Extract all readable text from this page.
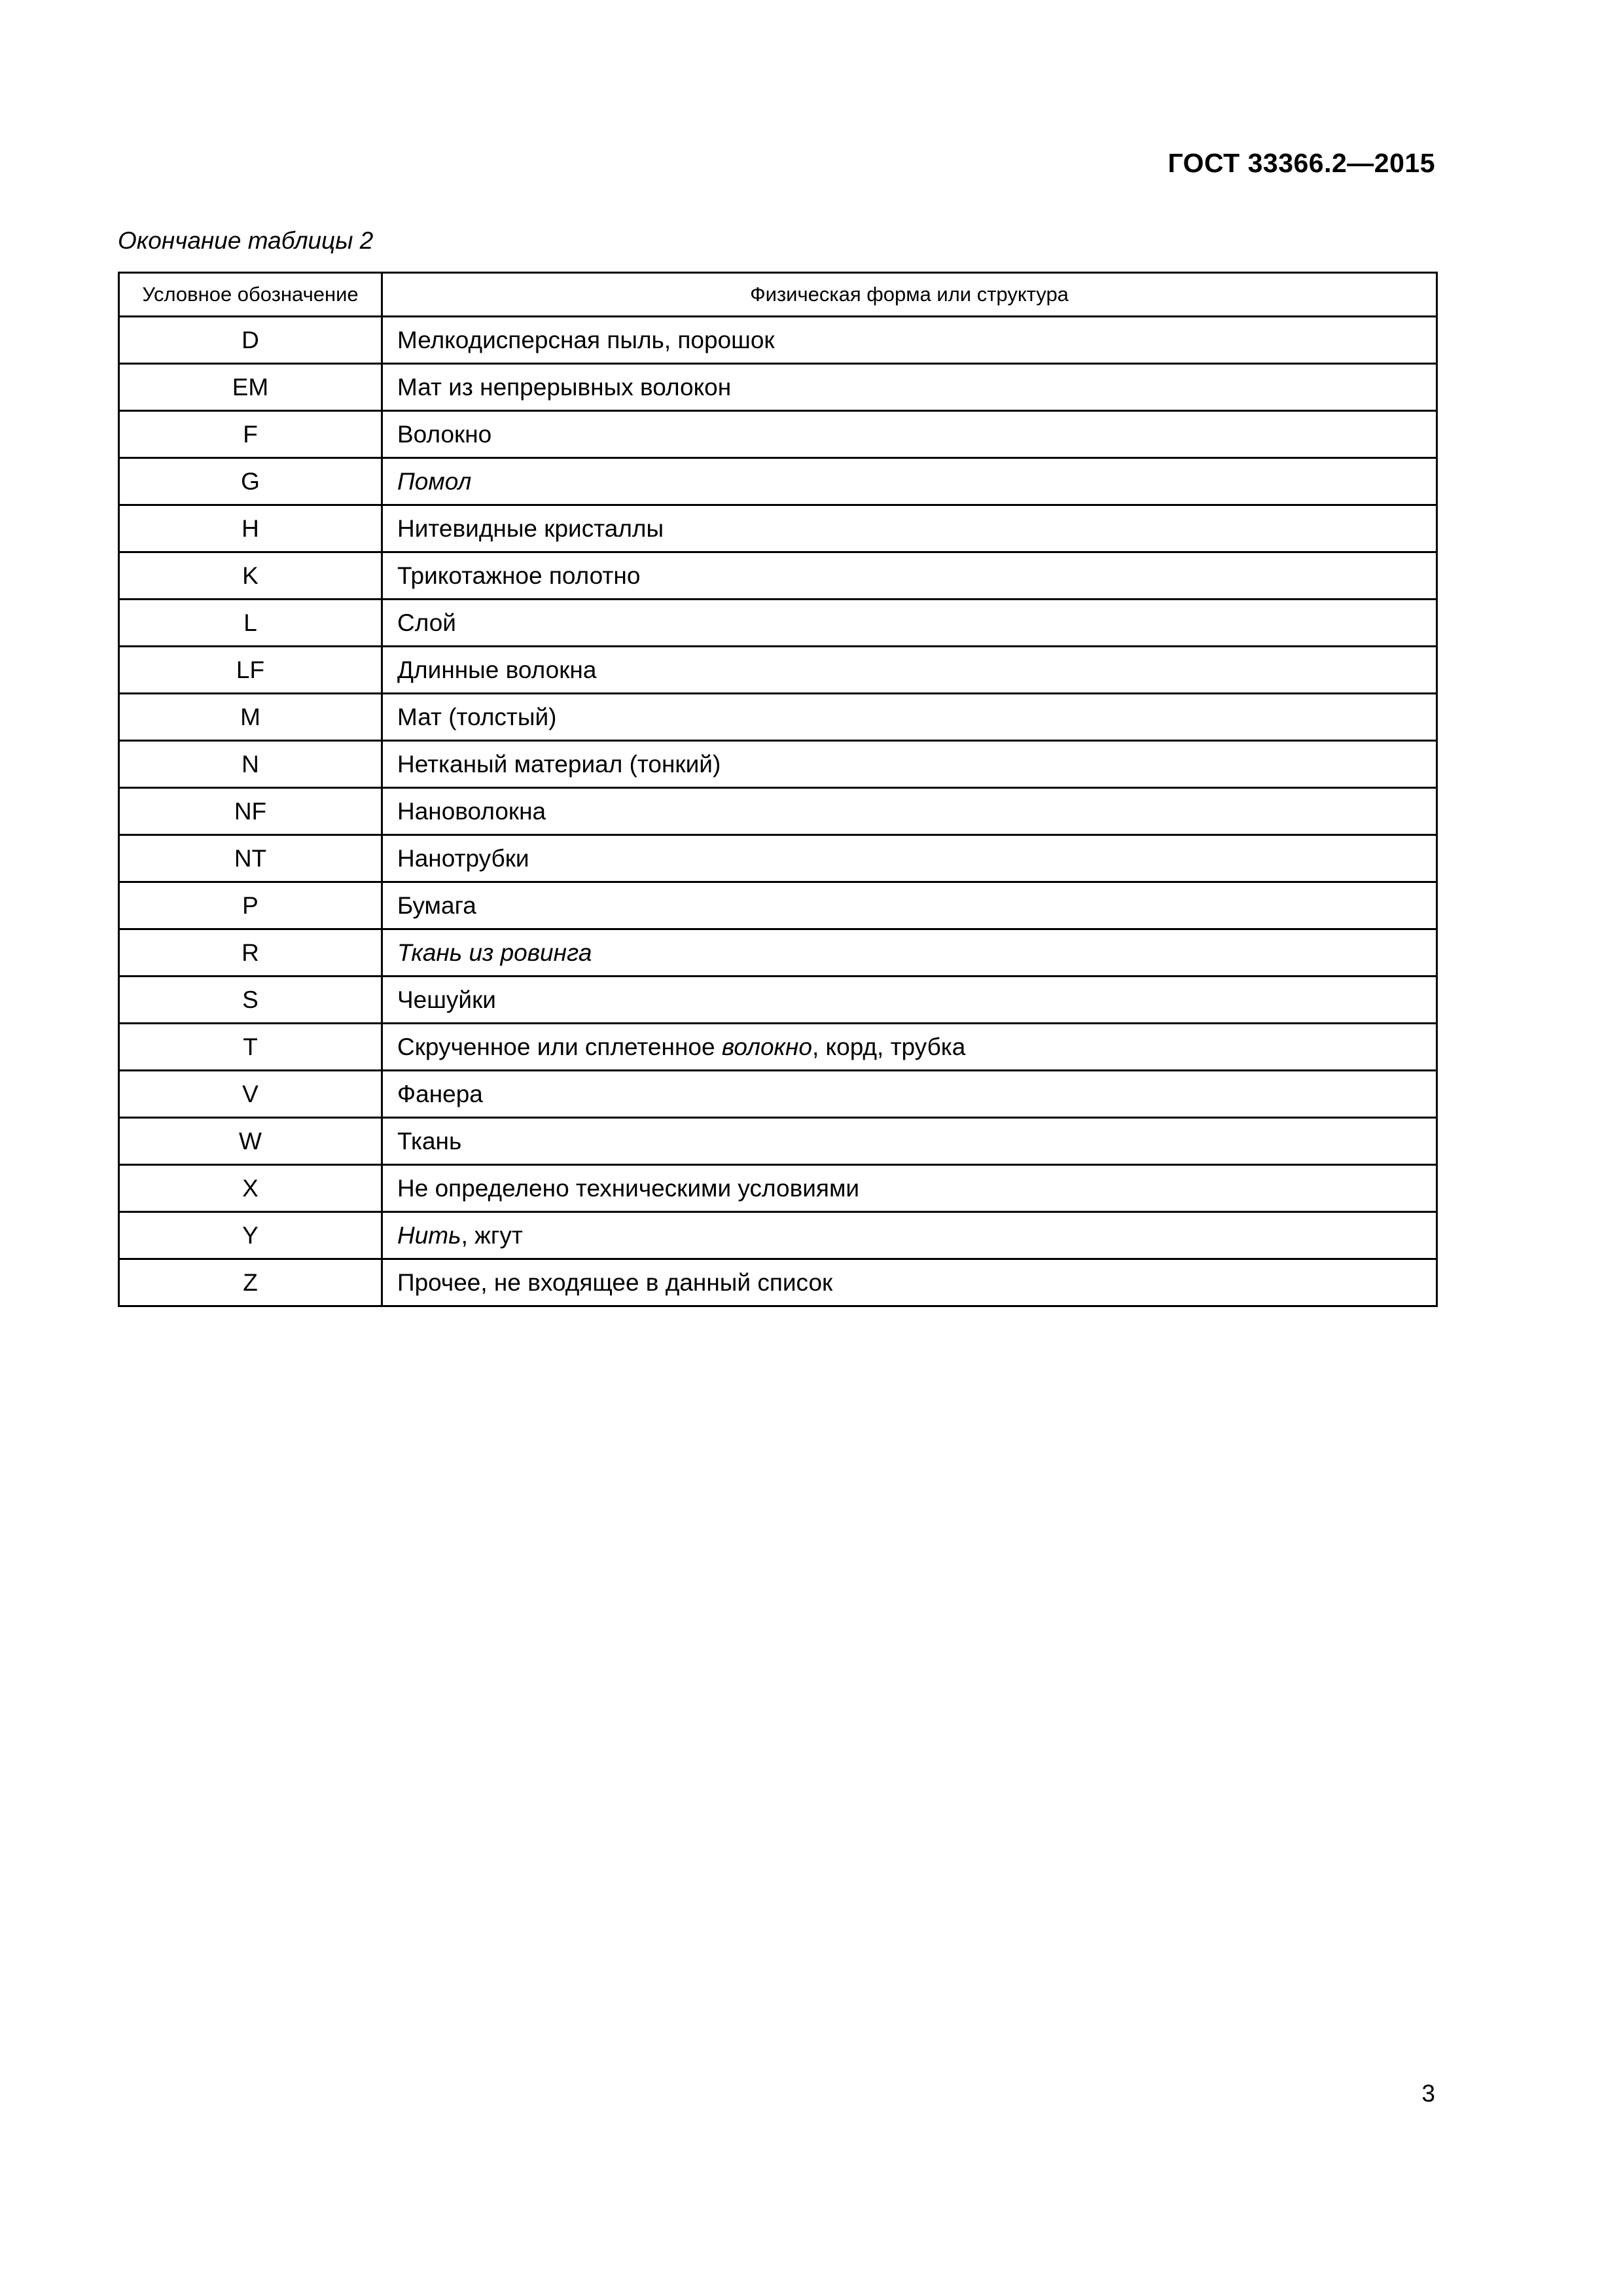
ГОСТ 33366.2—2015
Окончание таблицы 2
Условное обозначение	Физическая форма или структура
D	Мелкодисперсная пыль, порошок
EM	Мат из непрерывных волокон
F	Волокно
G	Помол
H	Нитевидные кристаллы
K	Трикотажное полотно
L	Слой
LF	Длинные волокна
M	Мат (толстый)
N	Нетканый материал (тонкий)
NF	Нановолокна
NT	Нанотрубки
P	Бумага
R	Ткань из ровинга
S	Чешуйки
T	Скрученное или сплетенное волокно, корд, трубка
V	Фанера
W	Ткань
X	Не определено техническими условиями
Y	Нить, жгут
Z	Прочее, не входящее в данный список
3
